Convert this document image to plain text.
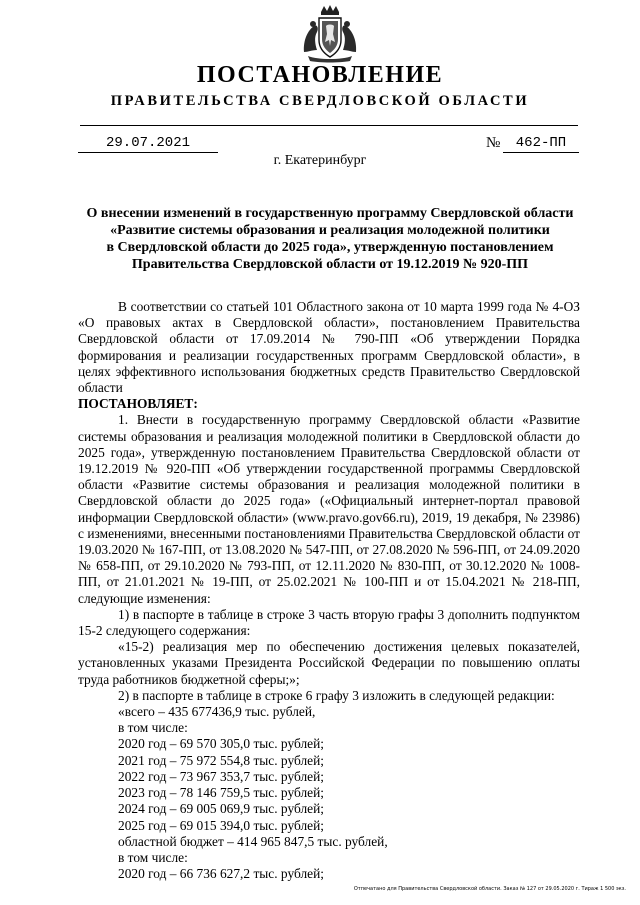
ПОСТАНОВЛЕНИЕ
ПРАВИТЕЛЬСТВА СВЕРДЛОВСКОЙ ОБЛАСТИ
29.07.2021	№	462-ПП
г. Екатеринбург
О внесении изменений в государственную программу Свердловской области
«Развитие системы образования и реализация молодежной политики
в Свердловской области до 2025 года», утвержденную постановлением
Правительства Свердловской области от 19.12.2019 № 920-ПП

В соответствии со статьей 101 Областного закона от 10 марта 1999 года № 4-ОЗ «О правовых актах в Свердловской области», постановлением Правительства Свердловской области от 17.09.2014 № 790-ПП «Об утверждении Порядка формирования и реализации государственных программ Свердловской области», в целях эффективного использования бюджетных средств Правительство Свердловской области

ПОСТАНОВЛЯЕТ:

1. Внести в государственную программу Свердловской области «Развитие системы образования и реализация молодежной политики в Свердловской области до 2025 года», утвержденную постановлением Правительства Свердловской области от 19.12.2019 № 920-ПП «Об утверждении государственной программы Свердловской области «Развитие системы образования и реализация молодежной политики в Свердловской области до 2025 года» («Официальный интернет-портал правовой информации Свердловской области» (www.pravo.gov66.ru), 2019, 19 декабря, № 23986) с изменениями, внесенными постановлениями Правительства Свердловской области от 19.03.2020 № 167-ПП, от 13.08.2020 № 547-ПП, от 27.08.2020 № 596-ПП, от 24.09.2020 № 658-ПП, от 29.10.2020 № 793-ПП, от 12.11.2020 № 830-ПП, от 30.12.2020 № 1008-ПП, от 21.01.2021 № 19-ПП, от 25.02.2021 № 100-ПП и от 15.04.2021 № 218-ПП, следующие изменения:

1) в паспорте в таблице в строке 3 часть вторую графы 3 дополнить подпунктом 15-2 следующего содержания:

«15-2) реализация мер по обеспечению достижения целевых показателей, установленных указами Президента Российской Федерации по повышению оплаты труда работников бюджетной сферы;»;

2) в паспорте в таблице в строке 6 графу 3 изложить в следующей редакции:

«всего – 435 677436,9 тыс. рублей,

в том числе:

2020 год – 69 570 305,0 тыс. рублей;

2021 год – 75 972 554,8 тыс. рублей;

2022 год – 73 967 353,7 тыс. рублей;

2023 год – 78 146 759,5 тыс. рублей;

2024 год – 69 005 069,9 тыс. рублей;

2025 год – 69 015 394,0 тыс. рублей;

областной бюджет – 414 965 847,5 тыс. рублей,

в том числе:

2020 год – 66 736 627,2 тыс. рублей;

Отпечатано для Правительства Свердловской области. Заказ № 127 от 29.05.2020 г. Тираж 1 500 экз.
